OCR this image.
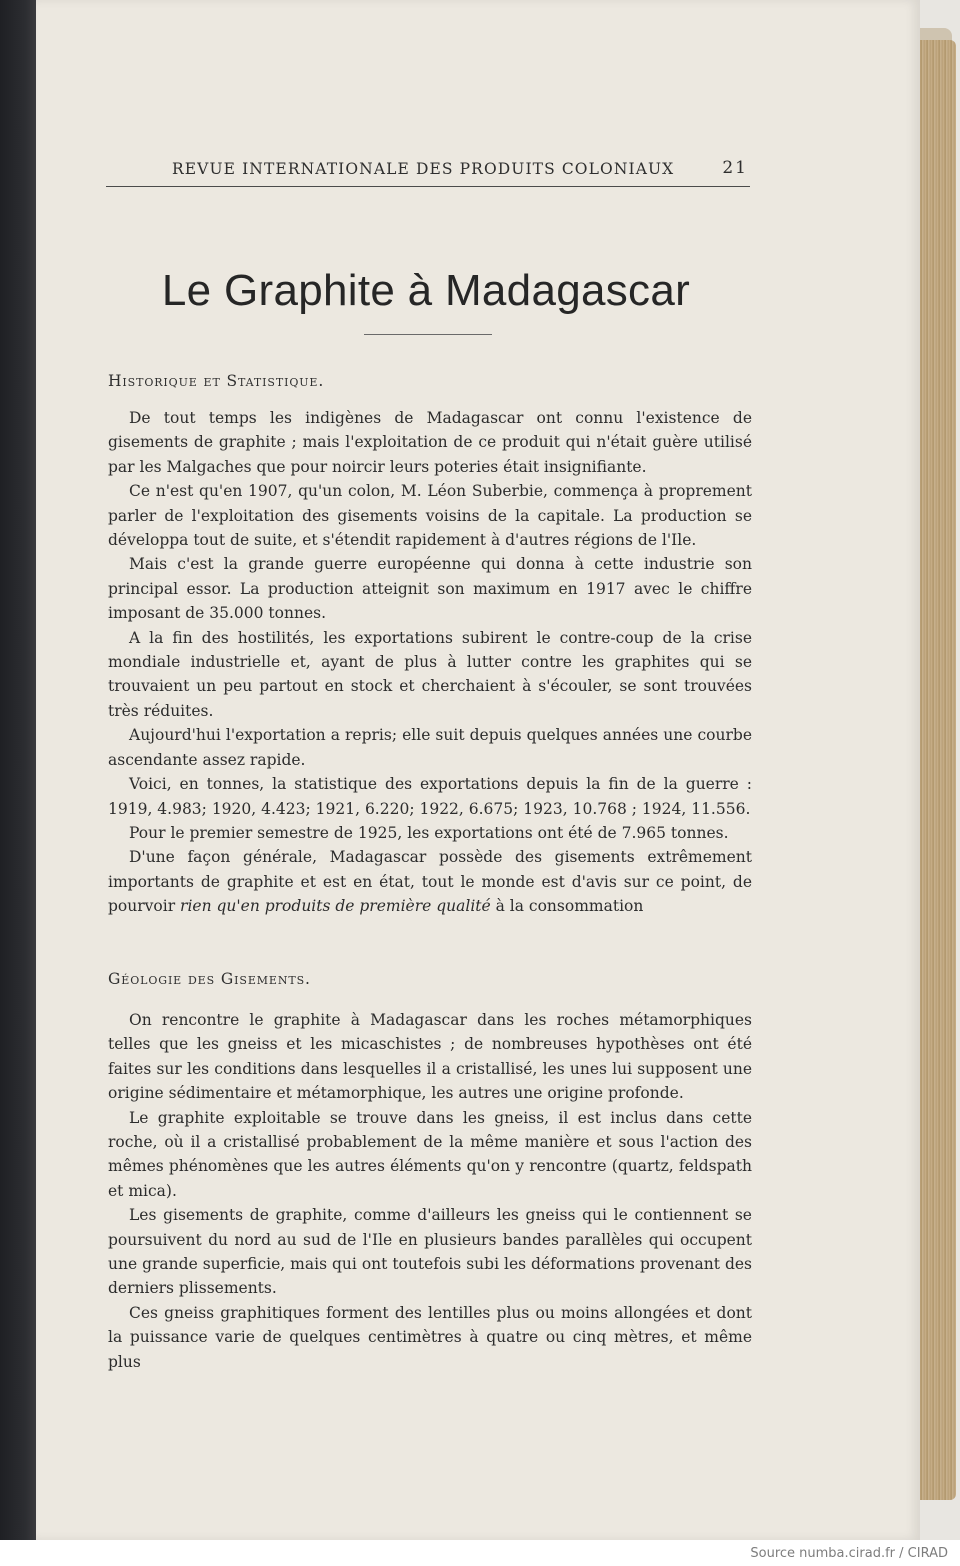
REVUE INTERNATIONALE DES PRODUITS COLONIAUX	21
Le Graphite à Madagascar
Historique et Statistique.

De tout temps les indigènes de Madagascar ont connu l'existence de gisements de graphite ; mais l'exploitation de ce produit qui n'était guère utilisé par les Malgaches que pour noircir leurs poteries était insignifiante.

Ce n'est qu'en 1907, qu'un colon, M. Léon Suberbie, commença à proprement parler de l'exploitation des gisements voisins de la capitale. La production se développa tout de suite, et s'étendit rapidement à d'autres régions de l'Ile.

Mais c'est la grande guerre européenne qui donna à cette industrie son principal essor. La production atteignit son maximum en 1917 avec le chiffre imposant de 35.000 tonnes.

A la fin des hostilités, les exportations subirent le contre-coup de la crise mondiale industrielle et, ayant de plus à lutter contre les graphites qui se trouvaient un peu partout en stock et cherchaient à s'écouler, se sont trouvées très réduites.

Aujourd'hui l'exportation a repris; elle suit depuis quelques années une courbe ascendante assez rapide.

Voici, en tonnes, la statistique des exportations depuis la fin de la guerre : 1919, 4.983; 1920, 4.423; 1921, 6.220; 1922, 6.675; 1923, 10.768 ; 1924, 11.556.

Pour le premier semestre de 1925, les exportations ont été de 7.965 tonnes.

D'une façon générale, Madagascar possède des gisements extrêmement importants de graphite et est en état, tout le monde est d'avis sur ce point, de pourvoir rien qu'en produits de première qualité à la consommation

Géologie des Gisements.

On rencontre le graphite à Madagascar dans les roches métamorphiques telles que les gneiss et les micaschistes ; de nombreuses hypothèses ont été faites sur les conditions dans lesquelles il a cristallisé, les unes lui supposent une origine sédimentaire et métamorphique, les autres une origine profonde.

Le graphite exploitable se trouve dans les gneiss, il est inclus dans cette roche, où il a cristallisé probablement de la même manière et sous l'action des mêmes phénomènes que les autres éléments qu'on y rencontre (quartz, feldspath et mica).

Les gisements de graphite, comme d'ailleurs les gneiss qui le contiennent se poursuivent du nord au sud de l'Ile en plusieurs bandes parallèles qui occupent une grande superficie, mais qui ont toutefois subi les déformations provenant des derniers plissements.

Ces gneiss graphitiques forment des lentilles plus ou moins allongées et dont la puissance varie de quelques centimètres à quatre ou cinq mètres, et même plus

Source numba.cirad.fr / CIRAD
